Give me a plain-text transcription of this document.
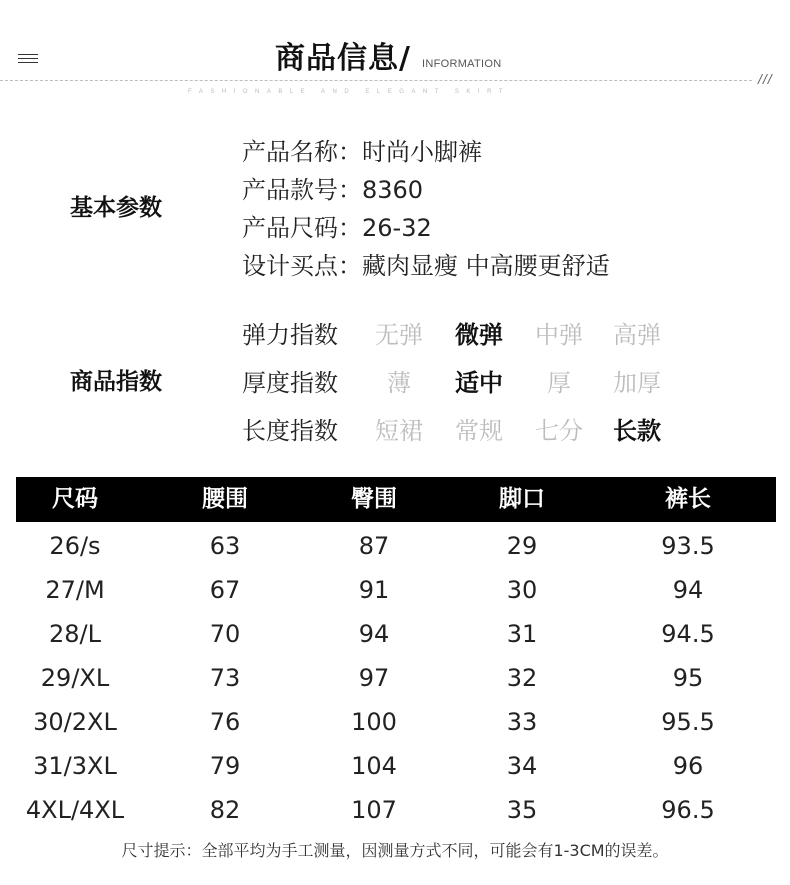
商品信息/ INFORMATION
///
FASHIONABLE AND ELEGANT SKIRT
基本参数
产品名称：时尚小脚裤
产品款号：8360
产品尺码：26-32
设计买点：藏肉显瘦 中高腰更舒适
商品指数
弹力指数	无弹	微弹	中弹	高弹
厚度指数	薄	适中	厚	加厚
长度指数	短裙	常规	七分	长款
尺码	腰围	臀围	脚口	裤长
26/s	63	87	29	93.5
27/M	67	91	30	94
28/L	70	94	31	94.5
29/XL	73	97	32	95
30/2XL	76	100	33	95.5
31/3XL	79	104	34	96
4XL/4XL	82	107	35	96.5
尺寸提示：全部平均为手工测量，因测量方式不同，可能会有1-3CM的误差。
